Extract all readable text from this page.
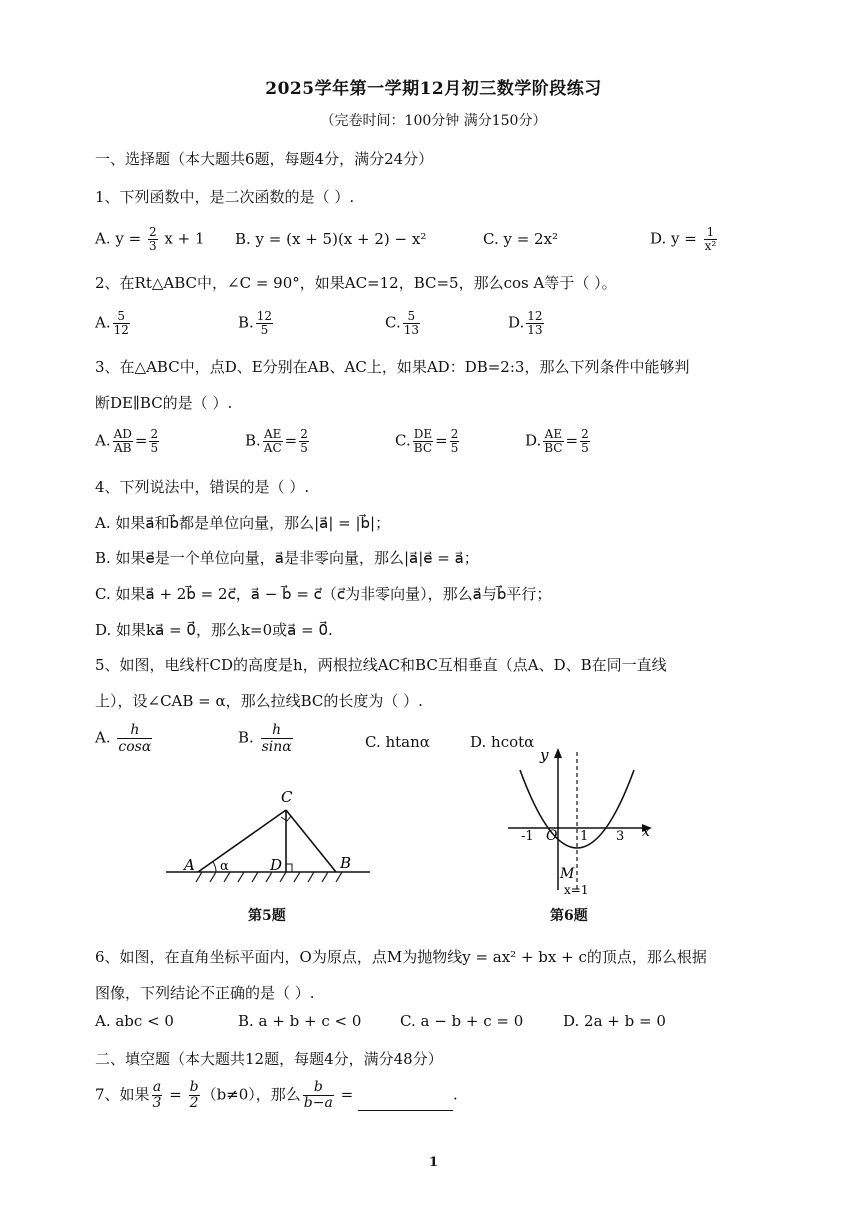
2025学年第一学期12月初三数学阶段练习
（完卷时间：100分钟 满分150分）
一、选择题（本大题共6题，每题4分，满分24分）
1、下列函数中，是二次函数的是（ ）.
A. $y = \frac{2}{3}$ x + 1 B. y = (x + 5)(x + 2) − x²	C. y = 2x²	D. $y = \frac{1}{\text{x²}}$
2、在Rt△ABC中，∠C = 90°，如果AC=12，BC=5，那么cos A等于（ ）。
A. $\frac{5}{12}$	B. $\frac{12}{5}$	C. $\frac{5}{13}$	D. $\frac{12}{13}$
3、在△ABC中，点D、E分别在AB、AC上，如果AD：DB=2:3，那么下列条件中能够判
断DE∥BC的是（ ）.
A. $\frac{AD}{AB} = \frac{2}{5}$	B. $\frac{AE}{AC} = \frac{2}{5}$	C. $\frac{DE}{BC} = \frac{2}{5}$	D. $\frac{AE}{BC} = \frac{2}{5}$
4、下列说法中，错误的是（ ）.
A. 如果a⃗和b⃗都是单位向量，那么|a⃗| = |b⃗|；
B. 如果e⃗是一个单位向量，a⃗是非零向量，那么|a⃗|e⃗ = a⃗；
C. 如果a⃗ + 2b⃗ = 2c⃗，a⃗ − b⃗ = c⃗（c⃗为非零向量），那么a⃗与b⃗平行；
D. 如果ka⃗ = 0⃗，那么k=0或a⃗ = 0⃗.
5、如图，电线杆CD的高度是h，两根拉线AC和BC互相垂直（点A、D、B在同一直线
上），设∠CAB = α，那么拉线BC的长度为（ ）.
A. $\frac{h}{\cos\alpha}$	B. $\frac{h}{\sin\alpha}$	C. htanα	D. hcotα
C
A α	D	B
第5题
y
x
O
-1	1 3
M
x=1
第6题
6、如图，在直角坐标平面内，O为原点，点M为抛物线y = ax² + bx + c的顶点，那么根据
图像，下列结论不正确的是（ ）.
A. abc < 0	B. a + b + c < 0	C. a − b + c = 0	D. 2a + b = 0
二、填空题（本大题共12题，每题4分，满分48分）
7、如果 $\frac{a}{3} = \frac{b}{2} (b\ne 0)$，那么 $\frac{b}{b-a}$ =	.
1
